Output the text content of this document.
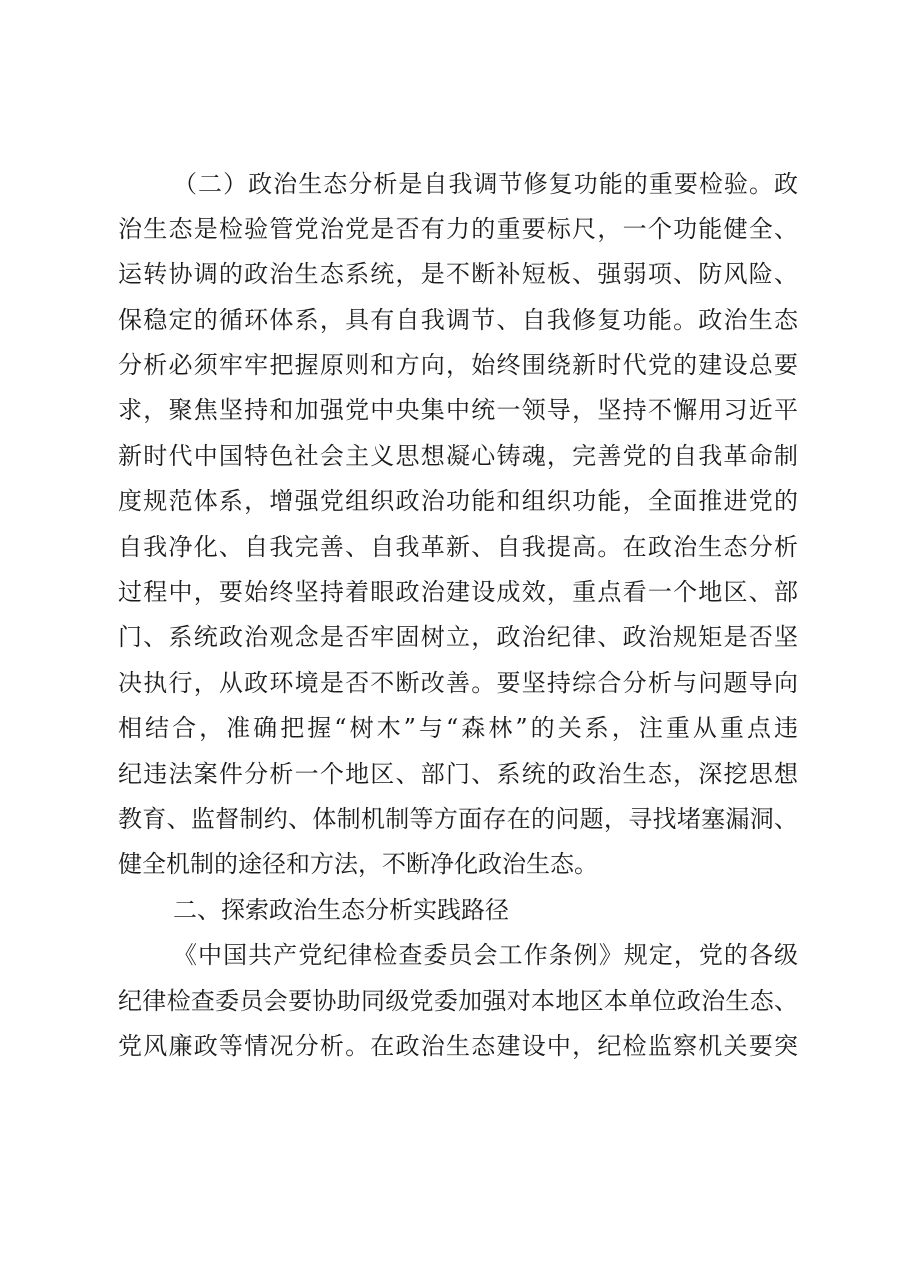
（二）政治生态分析是自我调节修复功能的重要检验。政
治生态是检验管党治党是否有力的重要标尺，一个功能健全、
运转协调的政治生态系统，是不断补短板、强弱项、防风险、
保稳定的循环体系，具有自我调节、自我修复功能。政治生态
分析必须牢牢把握原则和方向，始终围绕新时代党的建设总要
求，聚焦坚持和加强党中央集中统一领导，坚持不懈用习近平
新时代中国特色社会主义思想凝心铸魂，完善党的自我革命制
度规范体系，增强党组织政治功能和组织功能，全面推进党的
自我净化、自我完善、自我革新、自我提高。在政治生态分析
过程中，要始终坚持着眼政治建设成效，重点看一个地区、部
门、系统政治观念是否牢固树立，政治纪律、政治规矩是否坚
决执行，从政环境是否不断改善。要坚持综合分析与问题导向
相结合，准确把握“树木”与“森林”的关系，注重从重点违
纪违法案件分析一个地区、部门、系统的政治生态，深挖思想
教育、监督制约、体制机制等方面存在的问题，寻找堵塞漏洞、
健全机制的途径和方法，不断净化政治生态。
二、探索政治生态分析实践路径
《中国共产党纪律检查委员会工作条例》规定，党的各级
纪律检查委员会要协助同级党委加强对本地区本单位政治生态、
党风廉政等情况分析。在政治生态建设中，纪检监察机关要突
